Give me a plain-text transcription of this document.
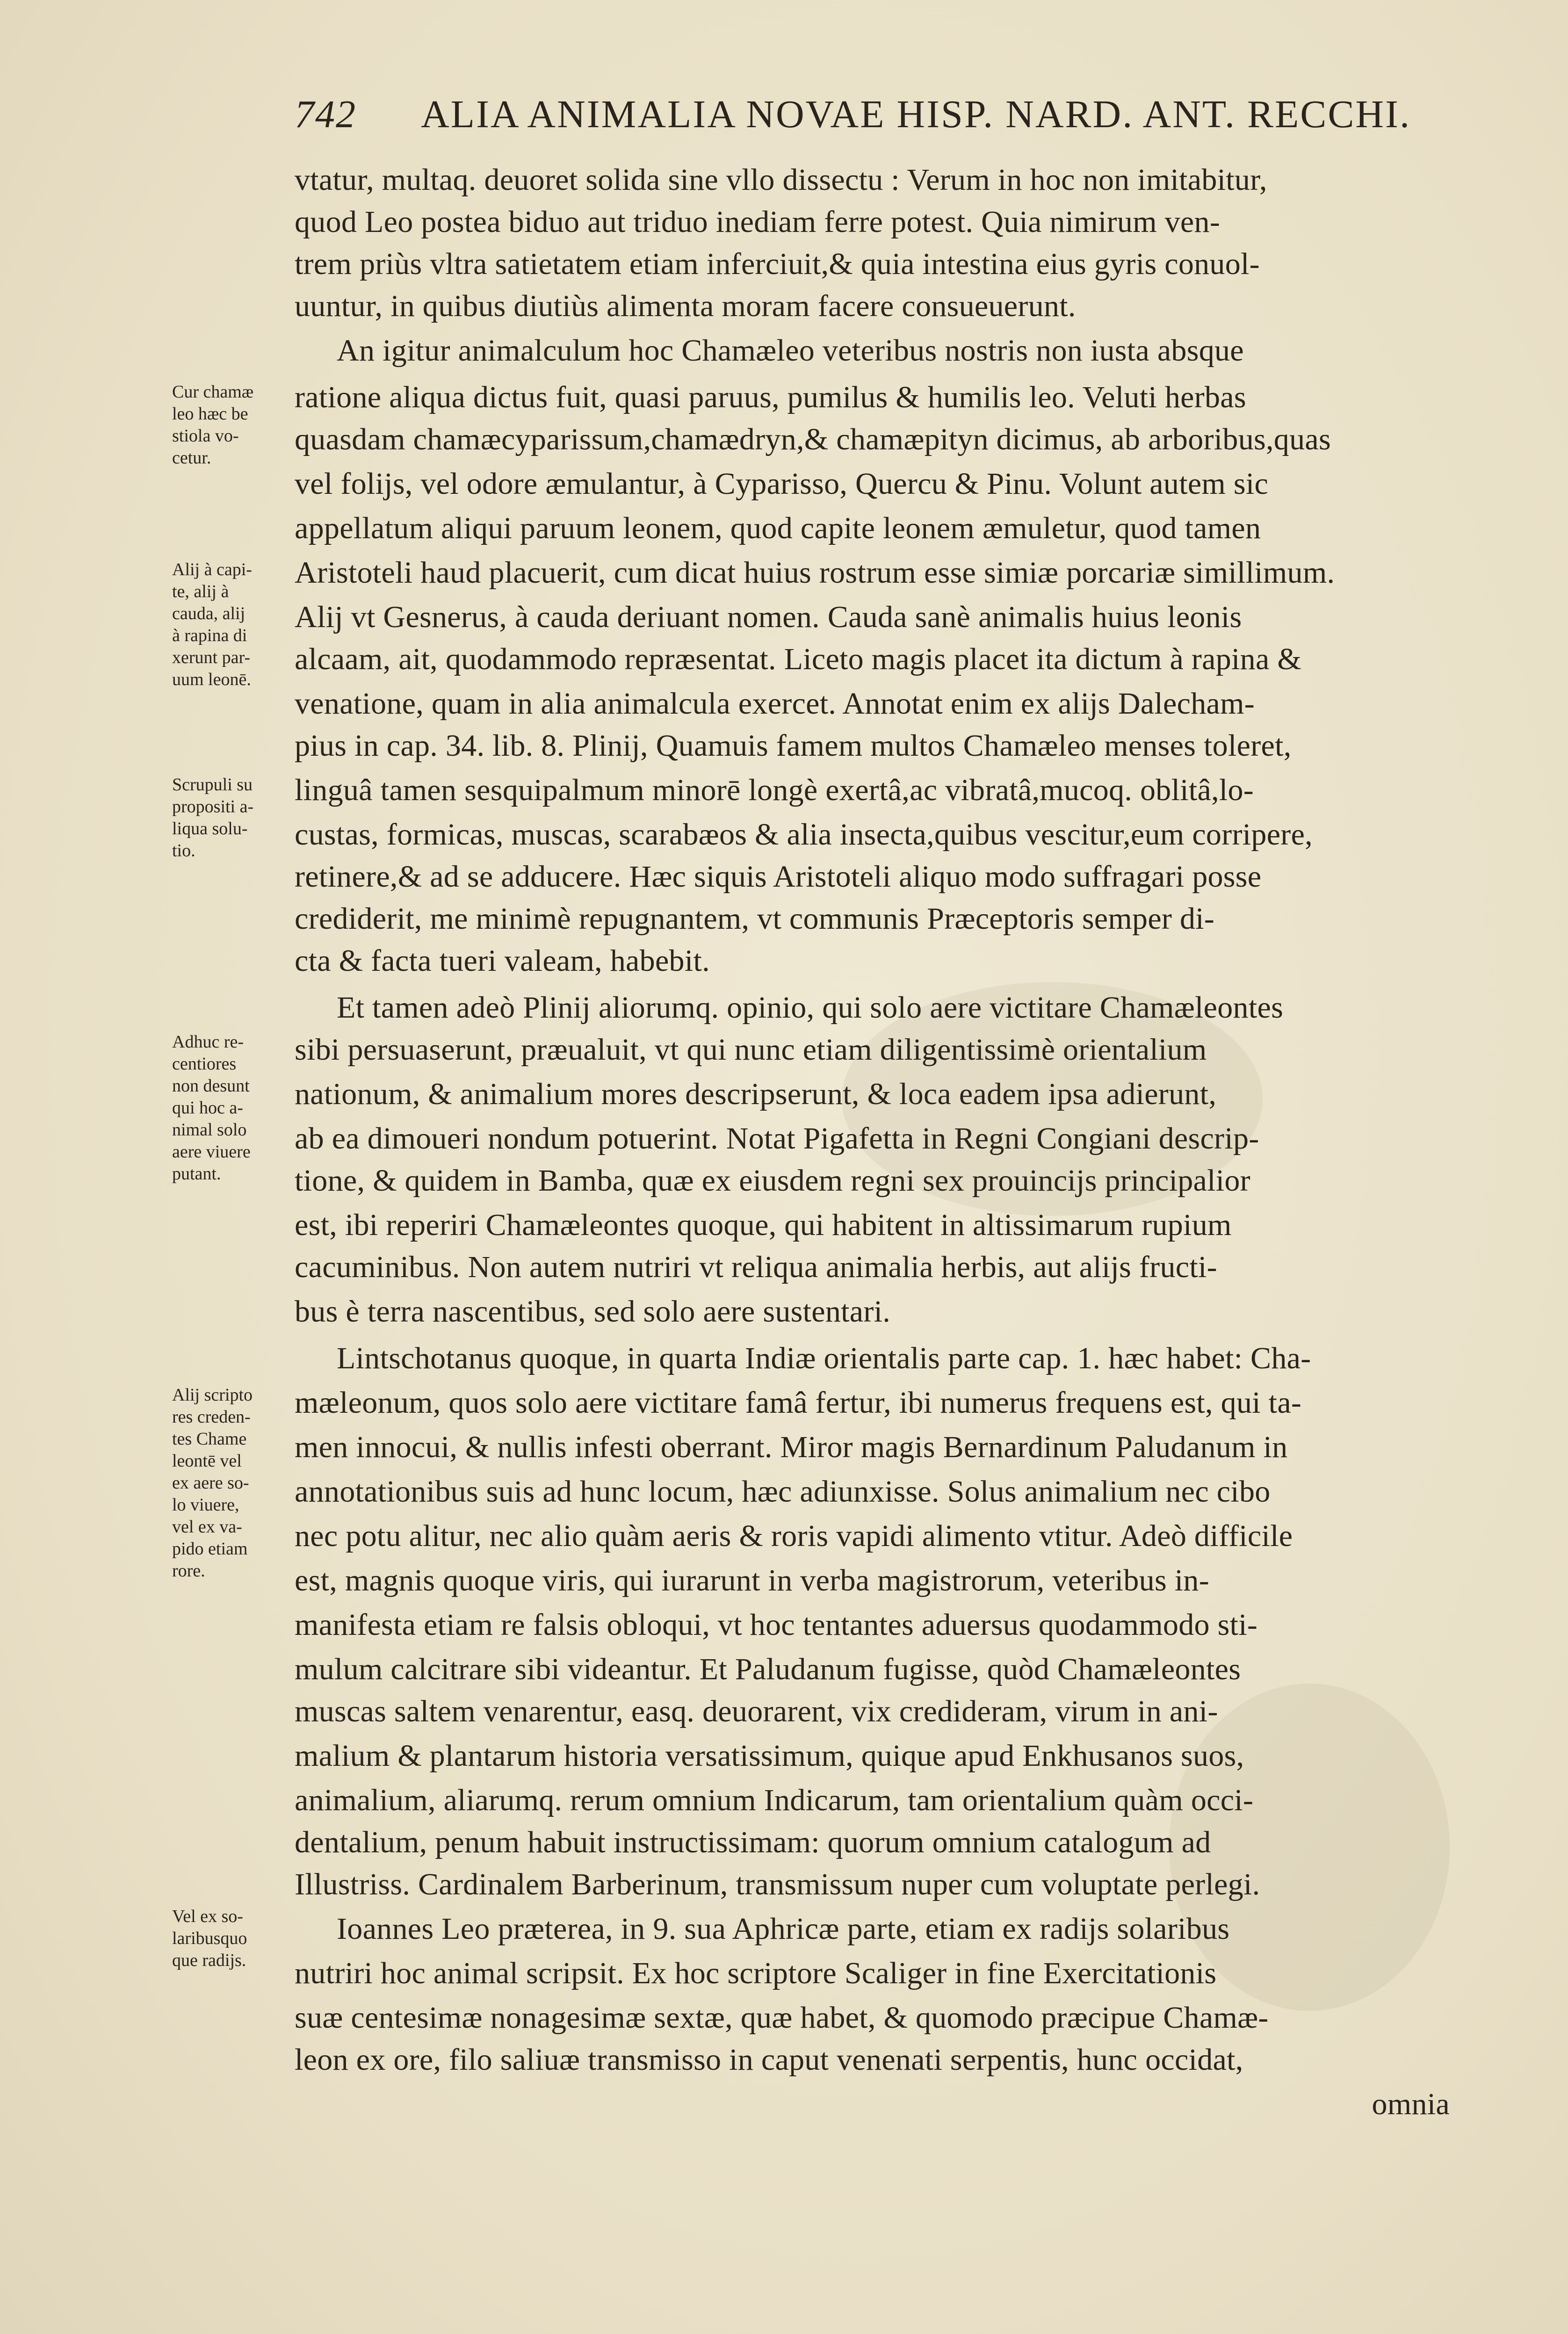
742 ALIA ANIMALIA NOVAE HISP. NARD. ANT. RECCHI.
vtatur, multaq. deuoret solida sine vllo dissectu : Verum in hoc non imitabitur,
quod Leo postea biduo aut triduo inediam ferre potest. Quia nimirum ven-
trem priùs vltra satietatem etiam inferciuit,& quia intestina eius gyris conuol-
uuntur, in quibus diutiùs alimenta moram facere consueuerunt.
An igitur animalculum hoc Chamæleo veteribus nostris non iusta absque
ratione aliqua dictus fuit, quasi paruus, pumilus & humilis leo. Veluti herbas
quasdam chamæcyparissum,chamædryn,& chamæpityn dicimus, ab arboribus,quas
vel folijs, vel odore æmulantur, à Cyparisso, Quercu & Pinu. Volunt autem sic
appellatum aliqui paruum leonem, quod capite leonem æmuletur, quod tamen
Aristoteli haud placuerit, cum dicat huius rostrum esse simiæ porcariæ simillimum.
Alij vt Gesnerus, à cauda deriuant nomen. Cauda sanè animalis huius leonis
alcaam, ait, quodammodo repræsentat. Liceto magis placet ita dictum à rapina &
venatione, quam in alia animalcula exercet. Annotat enim ex alijs Dalecham-
pius in cap. 34. lib. 8. Plinij, Quamuis famem multos Chamæleo menses toleret,
linguâ tamen sesquipalmum minorē longè exertâ,ac vibratâ,mucoq. oblitâ,lo-
custas, formicas, muscas, scarabæos & alia insecta,quibus vescitur,eum corripere,
retinere,& ad se adducere. Hæc siquis Aristoteli aliquo modo suffragari posse
crediderit, me minimè repugnantem, vt communis Præceptoris semper di-
cta & facta tueri valeam, habebit.
Et tamen adeò Plinij aliorumq. opinio, qui solo aere victitare Chamæleontes
sibi persuaserunt, præualuit, vt qui nunc etiam diligentissimè orientalium
nationum, & animalium mores descripserunt, & loca eadem ipsa adierunt,
ab ea dimoueri nondum potuerint. Notat Pigafetta in Regni Congiani descrip-
tione, & quidem in Bamba, quæ ex eiusdem regni sex prouincijs principalior
est, ibi reperiri Chamæleontes quoque, qui habitent in altissimarum rupium
cacuminibus. Non autem nutriri vt reliqua animalia herbis, aut alijs fructi-
bus è terra nascentibus, sed solo aere sustentari.
Lintschotanus quoque, in quarta Indiæ orientalis parte cap. 1. hæc habet: Cha-
mæleonum, quos solo aere victitare famâ fertur, ibi numerus frequens est, qui ta-
men innocui, & nullis infesti oberrant. Miror magis Bernardinum Paludanum in
annotationibus suis ad hunc locum, hæc adiunxisse. Solus animalium nec cibo
nec potu alitur, nec alio quàm aeris & roris vapidi alimento vtitur. Adeò difficile
est, magnis quoque viris, qui iurarunt in verba magistrorum, veteribus in-
manifesta etiam re falsis obloqui, vt hoc tentantes aduersus quodammodo sti-
mulum calcitrare sibi videantur. Et Paludanum fugisse, quòd Chamæleontes
muscas saltem venarentur, easq. deuorarent, vix credideram, virum in ani-
malium & plantarum historia versatissimum, quique apud Enkhusanos suos,
animalium, aliarumq. rerum omnium Indicarum, tam orientalium quàm occi-
dentalium, penum habuit instructissimam: quorum omnium catalogum ad
Illustriss. Cardinalem Barberinum, transmissum nuper cum voluptate perlegi.
Ioannes Leo prætereа, in 9. sua Aphricæ parte, etiam ex radijs solaribus
nutriri hoc animal scripsit. Ex hoc scriptore Scaliger in fine Exercitationis
suæ centesimæ nonagesimæ sextæ, quæ habet, & quomodo præcipue Chamæ-
leon ex ore, filo saliuæ transmisso in caput venenati serpentis, hunc occidat,
omnia
Cur chamæ
leo hæc be
stiola vo-
cetur.
Alij à capi-
te, alij à
cauda, alij
à rapina di
xerunt par-
uum leonē.
Scrupuli su
propositi a-
liqua solu-
tio.
Adhuc re-
centiores
non desunt
qui hoc a-
nimal solo
aere viuere
putant.
Alij scripto
res creden-
tes Chame
leontē vel
ex aere so-
lo viuere,
vel ex va-
pido etiam
rore.
Vel ex so-
laribusquo
que radijs.
